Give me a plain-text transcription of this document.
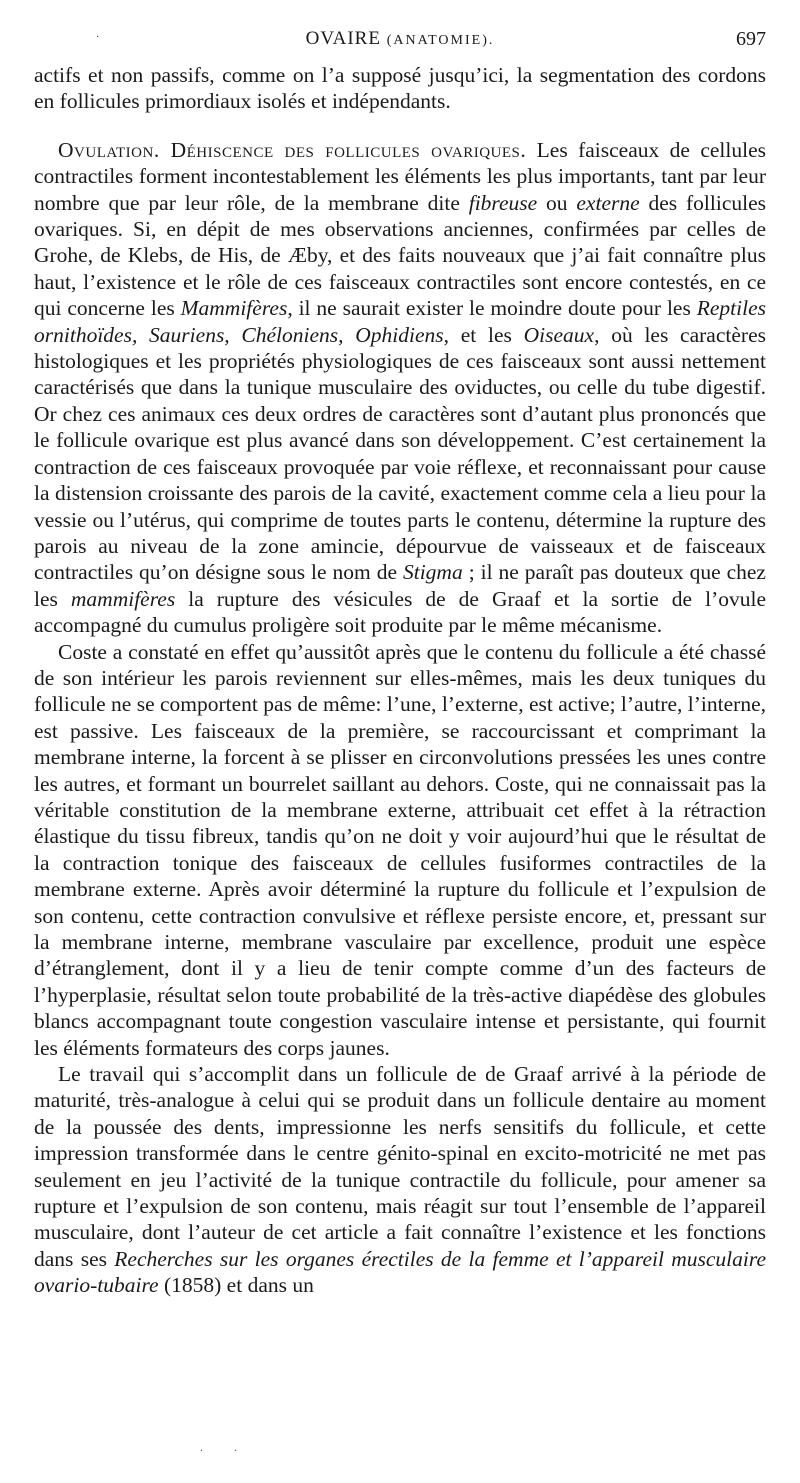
·	OVAIRE (ANATOMIE).	697

actifs et non passifs, comme on l’a supposé jusqu’ici, la segmentation des cordons en follicules primordiaux isolés et indépendants.

Ovulation. Déhiscence des follicules ovariques. Les faisceaux de cellules contractiles forment incontestablement les éléments les plus importants, tant par leur nombre que par leur rôle, de la membrane dite fibreuse ou externe des follicules ovariques. Si, en dépit de mes observations anciennes, confirmées par celles de Grohe, de Klebs, de His, de Æby, et des faits nouveaux que j’ai fait connaître plus haut, l’existence et le rôle de ces faisceaux contractiles sont encore contestés, en ce qui concerne les Mammifères, il ne saurait exister le moindre doute pour les Reptiles ornithoïdes, Sauriens, Chéloniens, Ophidiens, et les Oiseaux, où les caractères histologiques et les propriétés physiologiques de ces faisceaux sont aussi nettement caractérisés que dans la tunique musculaire des oviductes, ou celle du tube digestif. Or chez ces animaux ces deux ordres de caractères sont d’autant plus prononcés que le follicule ovarique est plus avancé dans son développement. C’est certainement la contraction de ces faisceaux provoquée par voie réflexe, et reconnaissant pour cause la distension croissante des parois de la cavité, exactement comme cela a lieu pour la vessie ou l’utérus, qui comprime de toutes parts le contenu, détermine la rupture des parois au niveau de la zone amincie, dépourvue de vaisseaux et de faisceaux contractiles qu’on désigne sous le nom de Stigma ; il ne paraît pas douteux que chez les mammifères la rupture des vésicules de de Graaf et la sortie de l’ovule accompagné du cumulus proligère soit produite par le même mécanisme.

Coste a constaté en effet qu’aussitôt après que le contenu du follicule a été chassé de son intérieur les parois reviennent sur elles-mêmes, mais les deux tuniques du follicule ne se comportent pas de même: l’une, l’externe, est active; l’autre, l’interne, est passive. Les faisceaux de la première, se raccourcissant et comprimant la membrane interne, la forcent à se plisser en circonvolutions pressées les unes contre les autres, et formant un bourrelet saillant au dehors. Coste, qui ne connaissait pas la véritable constitution de la membrane externe, attribuait cet effet à la rétraction élastique du tissu fibreux, tandis qu’on ne doit y voir aujourd’hui que le résultat de la contraction tonique des faisceaux de cellules fusiformes contractiles de la membrane externe. Après avoir déterminé la rupture du follicule et l’expulsion de son contenu, cette contraction convulsive et réflexe persiste encore, et, pressant sur la membrane interne, membrane vasculaire par excellence, produit une espèce d’étranglement, dont il y a lieu de tenir compte comme d’un des facteurs de l’hyperplasie, résultat selon toute probabilité de la très-active diapédèse des globules blancs accompagnant toute congestion vasculaire intense et persistante, qui fournit les éléments formateurs des corps jaunes.

Le travail qui s’accomplit dans un follicule de de Graaf arrivé à la période de maturité, très-analogue à celui qui se produit dans un follicule dentaire au moment de la poussée des dents, impressionne les nerfs sensitifs du follicule, et cette impression transformée dans le centre génito-spinal en excito-motricité ne met pas seulement en jeu l’activité de la tunique contractile du follicule, pour amener sa rupture et l’expulsion de son contenu, mais réagit sur tout l’ensemble de l’appareil musculaire, dont l’auteur de cet article a fait connaître l’existence et les fonctions dans ses Recherches sur les organes érectiles de la femme et l’appareil musculaire ovario-tubaire (1858) et dans un

. .
